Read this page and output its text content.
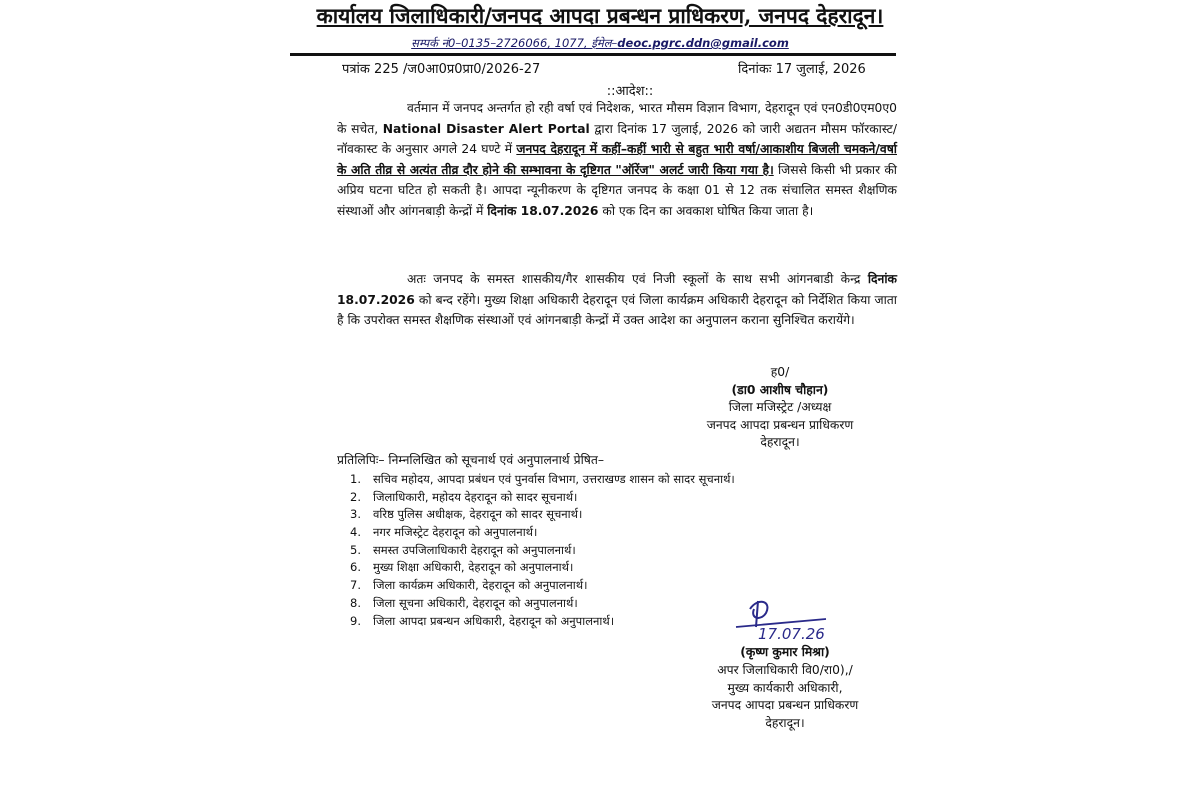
कार्यालय जिलाधिकारी/जनपद आपदा प्रबन्धन प्राधिकरण, जनपद देहरादून।
सम्पर्क नं0–0135–2726066, 1077, ईमेल–deoc.pgrc.ddn@gmail.com
पत्रांक 225 /ज0आ0प्र0प्रा0/2026-27	दिनांकः 17 जुलाई, 2026
::आदेश::

वर्तमान में जनपद अन्तर्गत हो रही वर्षा एवं निदेशक, भारत मौसम विज्ञान विभाग, देहरादून एवं एन0डी0एम0ए0 के सचेत, National Disaster Alert Portal द्वारा दिनांक 17 जुलाई, 2026 को जारी अद्यतन मौसम फॉरकास्ट/नॉवकास्ट के अनुसार अगले 24 घण्टे में जनपद देहरादून में कहीं–कहीं भारी से बहुत भारी वर्षा/आकाशीय बिजली चमकने/वर्षा के अति तीव्र से अत्यंत तीव्र दौर होने की सम्भावना के दृष्टिगत "ऑरेंज" अलर्ट जारी किया गया है। जिससे किसी भी प्रकार की अप्रिय घटना घटित हो सकती है। आपदा न्यूनीकरण के दृष्टिगत जनपद के कक्षा 01 से 12 तक संचालित समस्त शैक्षणिक संस्थाओं और आंगनबाड़ी केन्द्रों में दिनांक 18.07.2026 को एक दिन का अवकाश घोषित किया जाता है।

अतः जनपद के समस्त शासकीय/गैर शासकीय एवं निजी स्कूलों के साथ सभी आंगनबाडी केन्द्र दिनांक 18.07.2026 को बन्द रहेंगे। मुख्य शिक्षा अधिकारी देहरादून एवं जिला कार्यक्रम अधिकारी देहरादून को निर्देशित किया जाता है कि उपरोक्त समस्त शैक्षणिक संस्थाओं एवं आंगनबाड़ी केन्द्रों में उक्त आदेश का अनुपालन कराना सुनिश्चित करायेंगे।

ह0/
(डा0 आशीष चौहान)
जिला मजिस्ट्रेट /अध्यक्ष
जनपद आपदा प्रबन्धन प्राधिकरण
देहरादून।
प्रतिलिपिः– निम्नलिखित को सूचनार्थ एवं अनुपालनार्थ प्रेषित–
1. सचिव महोदय, आपदा प्रबंधन एवं पुनर्वास विभाग, उत्तराखण्ड शासन को सादर सूचनार्थ।
2. जिलाधिकारी, महोदय देहरादून को सादर सूचनार्थ।
3. वरिष्ठ पुलिस अधीक्षक, देहरादून को सादर सूचनार्थ।
4. नगर मजिस्ट्रेट देहरादून को अनुपालनार्थ।
5. समस्त उपजिलाधिकारी देहरादून को अनुपालनार्थ।
6. मुख्य शिक्षा अधिकारी, देहरादून को अनुपालनार्थ।
7. जिला कार्यक्रम अधिकारी, देहरादून को अनुपालनार्थ।
8. जिला सूचना अधिकारी, देहरादून को अनुपालनार्थ।
9. जिला आपदा प्रबन्धन अधिकारी, देहरादून को अनुपालनार्थ।
17.07.26
(कृष्ण कुमार मिश्रा)
अपर जिलाधिकारी वि0/रा0),/
मुख्य कार्यकारी अधिकारी,
जनपद आपदा प्रबन्धन प्राधिकरण
देहरादून।
